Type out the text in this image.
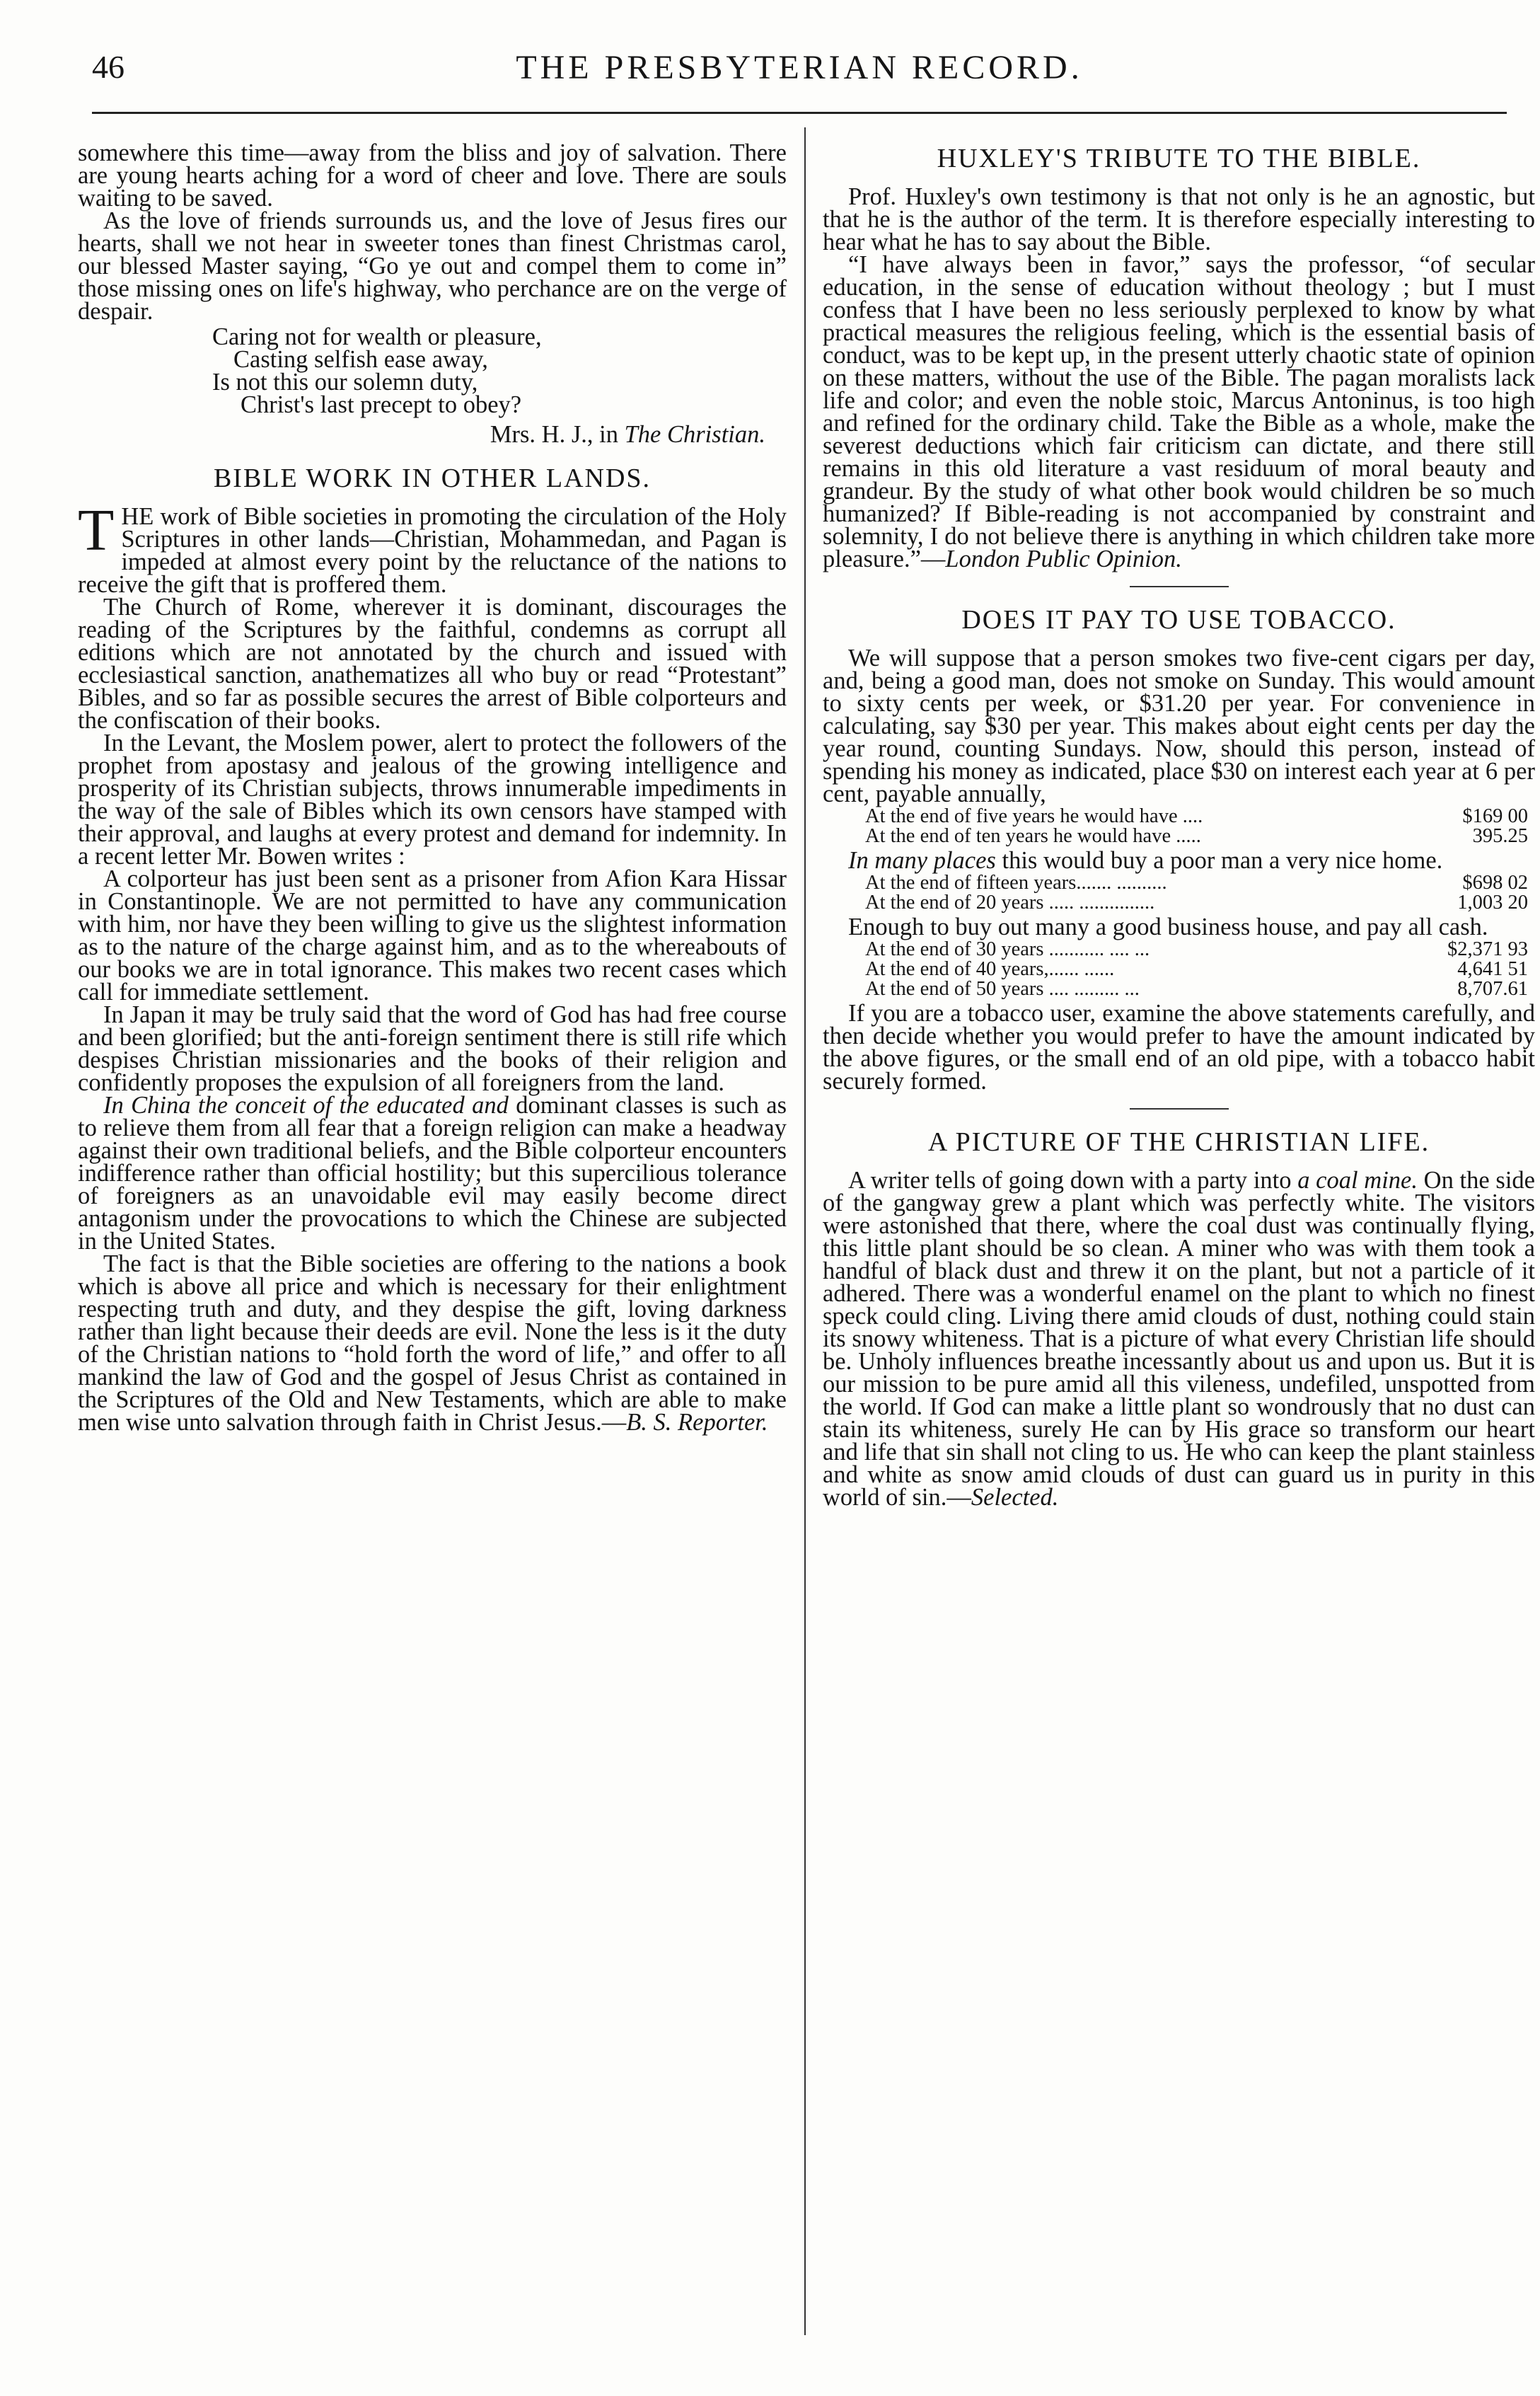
46	THE PRESBYTERIAN RECORD.

somewhere this time—away from the bliss and joy of salvation. There are young hearts aching for a word of cheer and love. There are souls waiting to be saved.

As the love of friends surrounds us, and the love of Jesus fires our hearts, shall we not hear in sweeter tones than finest Christmas carol, our blessed Master saying, “Go ye out and compel them to come in” those missing ones on life's highway, who perchance are on the verge of despair.

Caring not for wealth or pleasure,
Casting selfish ease away,
Is not this our solemn duty,
Christ's last precept to obey?
Mrs. H. J., in The Christian.
BIBLE WORK IN OTHER LANDS.

THE work of Bible societies in promoting the circulation of the Holy Scriptures in other lands—Christian, Mohammedan, and Pagan is impeded at almost every point by the reluctance of the nations to receive the gift that is proffered them.

The Church of Rome, wherever it is dominant, discourages the reading of the Scriptures by the faithful, condemns as corrupt all editions which are not annotated by the church and issued with ecclesiastical sanction, anathematizes all who buy or read “Protestant” Bibles, and so far as possible secures the arrest of Bible colporteurs and the confiscation of their books.

In the Levant, the Moslem power, alert to protect the followers of the prophet from apostasy and jealous of the growing intelligence and prosperity of its Christian subjects, throws innumerable impediments in the way of the sale of Bibles which its own censors have stamped with their approval, and laughs at every protest and demand for indemnity. In a recent letter Mr. Bowen writes :

A colporteur has just been sent as a prisoner from Afion Kara Hissar in Constantinople. We are not permitted to have any communication with him, nor have they been willing to give us the slightest information as to the nature of the charge against him, and as to the whereabouts of our books we are in total ignorance. This makes two recent cases which call for immediate settlement.

In Japan it may be truly said that the word of God has had free course and been glorified; but the anti-foreign sentiment there is still rife which despises Christian missionaries and the books of their religion and confidently proposes the expulsion of all foreigners from the land.

In China the conceit of the educated and dominant classes is such as to relieve them from all fear that a foreign religion can make a headway against their own traditional beliefs, and the Bible colporteur encounters indifference rather than official hostility; but this supercilious tolerance of foreigners as an unavoidable evil may easily become direct antagonism under the provocations to which the Chinese are subjected in the United States.

The fact is that the Bible societies are offering to the nations a book which is above all price and which is necessary for their enlightment respecting truth and duty, and they despise the gift, loving darkness rather than light because their deeds are evil. None the less is it the duty of the Christian nations to “hold forth the word of life,” and offer to all mankind the law of God and the gospel of Jesus Christ as contained in the Scriptures of the Old and New Testaments, which are able to make men wise unto salvation through faith in Christ Jesus.—B. S. Reporter.

HUXLEY'S TRIBUTE TO THE BIBLE.

Prof. Huxley's own testimony is that not only is he an agnostic, but that he is the author of the term. It is therefore especially interesting to hear what he has to say about the Bible.

“I have always been in favor,” says the professor, “of secular education, in the sense of education without theology ; but I must confess that I have been no less seriously perplexed to know by what practical measures the religious feeling, which is the essential basis of conduct, was to be kept up, in the present utterly chaotic state of opinion on these matters, without the use of the Bible. The pagan moralists lack life and color; and even the noble stoic, Marcus Antoninus, is too high and refined for the ordinary child. Take the Bible as a whole, make the severest deductions which fair criticism can dictate, and there still remains in this old literature a vast residuum of moral beauty and grandeur. By the study of what other book would children be so much humanized? If Bible-reading is not accompanied by constraint and solemnity, I do not believe there is anything in which children take more pleasure.”—London Public Opinion.

DOES IT PAY TO USE TOBACCO.

We will suppose that a person smokes two five-cent cigars per day, and, being a good man, does not smoke on Sunday. This would amount to sixty cents per week, or $31.20 per year. For convenience in calculating, say $30 per year. This makes about eight cents per day the year round, counting Sundays. Now, should this person, instead of spending his money as indicated, place $30 on interest each year at 6 per cent, payable annually,

At the end of five years he would have ....	$169 00
At the end of ten years he would have .....	395.25

In many places this would buy a poor man a very nice home.

At the end of fifteen years....... ..........	$698 02
At the end of 20 years ..... ...............	1,003 20

Enough to buy out many a good business house, and pay all cash.

At the end of 30 years ........... .... ...	$2,371 93
At the end of 40 years,...... ......	4,641 51
At the end of 50 years .... ......... ...	8,707.61

If you are a tobacco user, examine the above statements carefully, and then decide whether you would prefer to have the amount indicated by the above figures, or the small end of an old pipe, with a tobacco habit securely formed.

A PICTURE OF THE CHRISTIAN LIFE.

A writer tells of going down with a party into a coal mine. On the side of the gangway grew a plant which was perfectly white. The visitors were astonished that there, where the coal dust was continually flying, this little plant should be so clean. A miner who was with them took a handful of black dust and threw it on the plant, but not a particle of it adhered. There was a wonderful enamel on the plant to which no finest speck could cling. Living there amid clouds of dust, nothing could stain its snowy whiteness. That is a picture of what every Christian life should be. Unholy influences breathe incessantly about us and upon us. But it is our mission to be pure amid all this vileness, undefiled, unspotted from the world. If God can make a little plant so wondrously that no dust can stain its whiteness, surely He can by His grace so transform our heart and life that sin shall not cling to us. He who can keep the plant stainless and white as snow amid clouds of dust can guard us in purity in this world of sin.—Selected.
